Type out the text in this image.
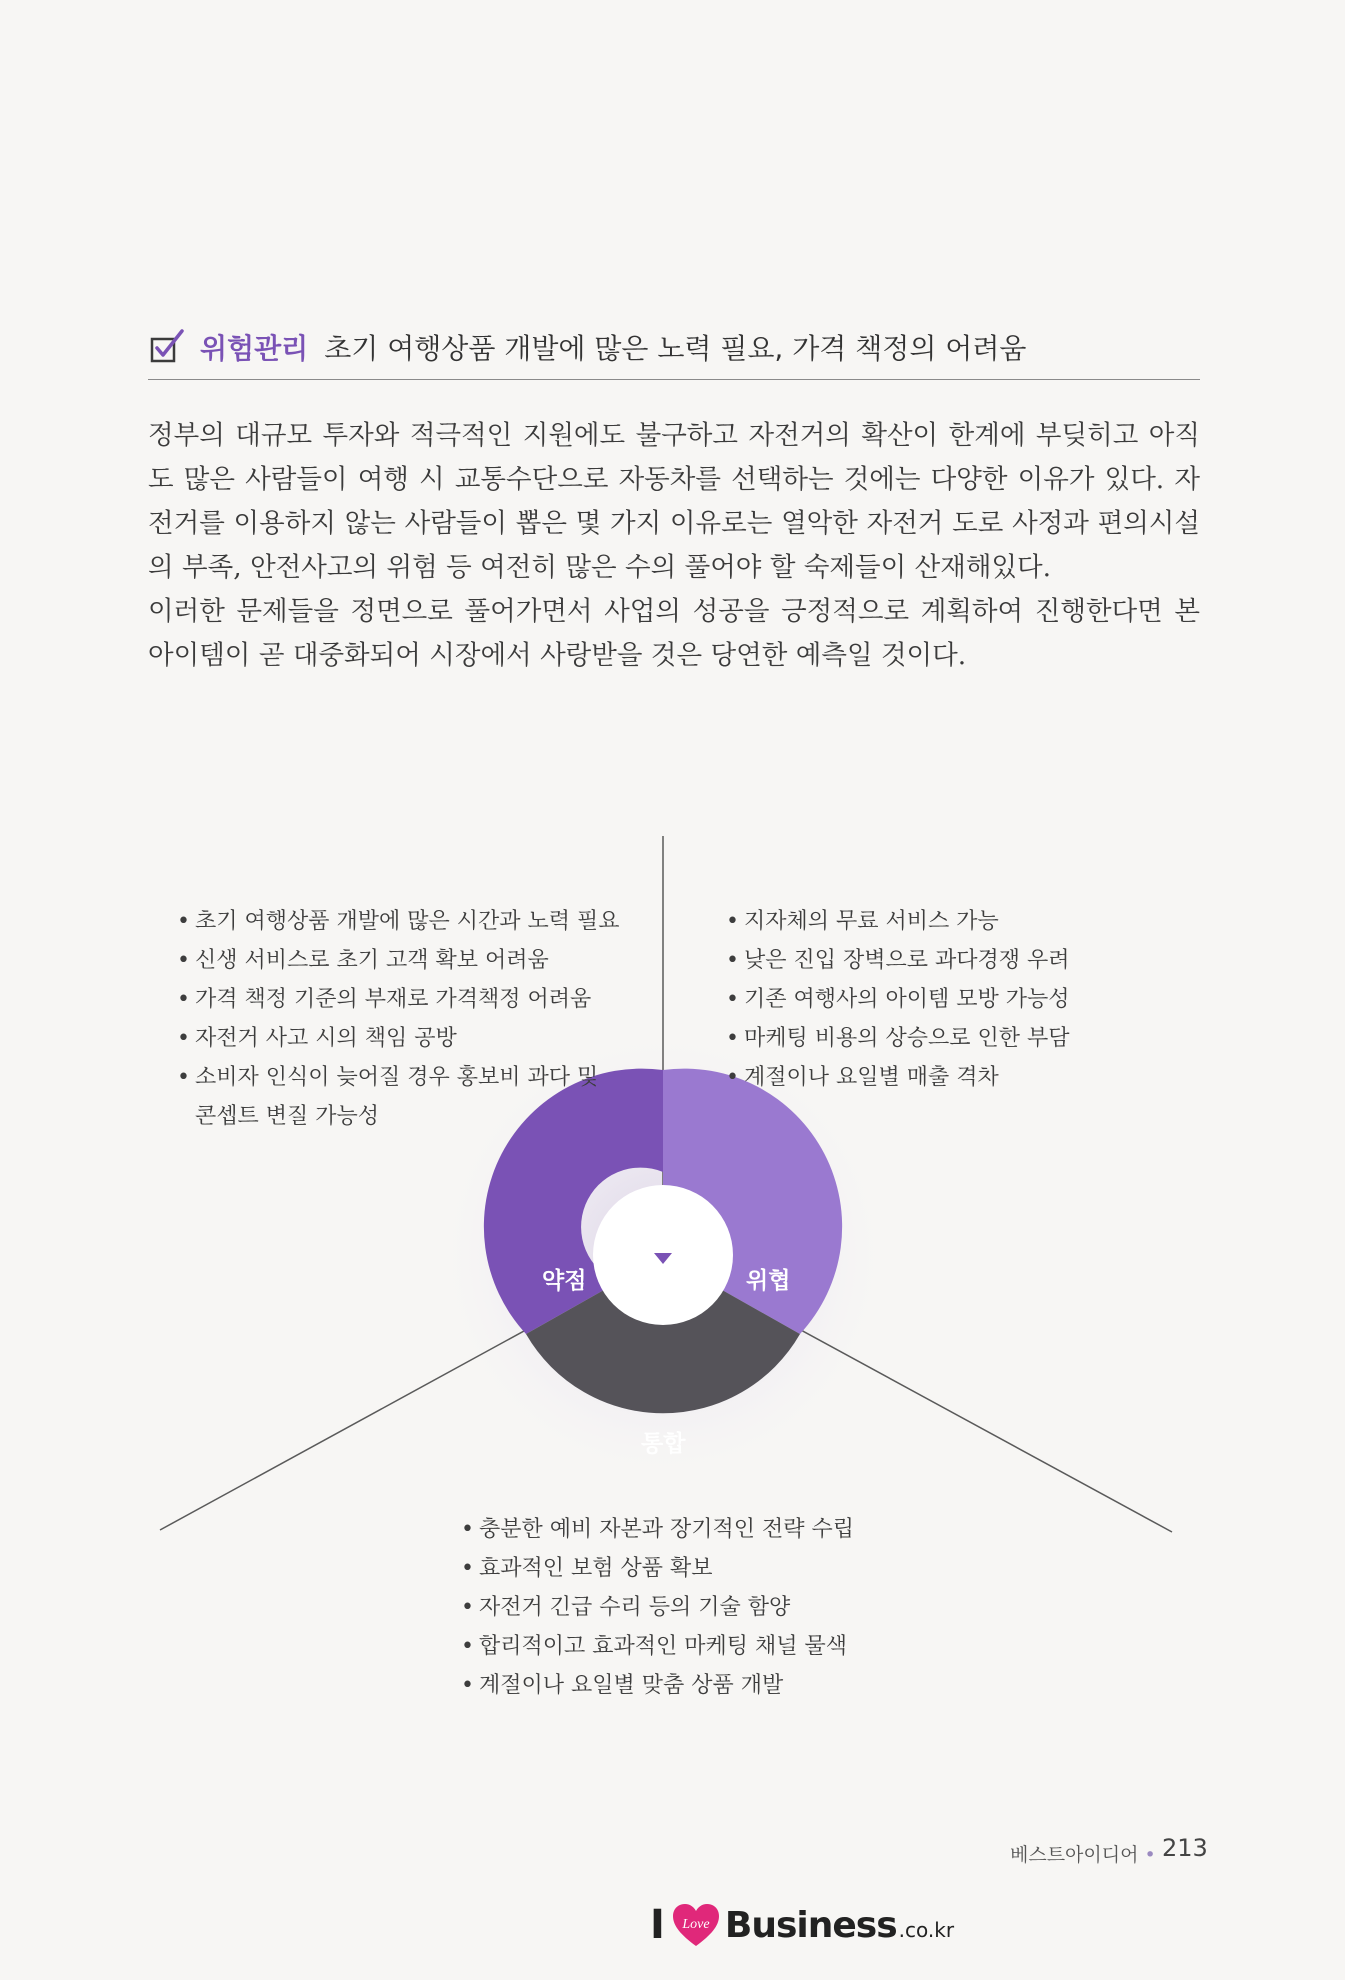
위험관리 초기 여행상품 개발에 많은 노력 필요, 가격 책정의 어려움

정부의 대규모 투자와 적극적인 지원에도 불구하고 자전거의 확산이 한계에 부딪히고 아직도 많은 사람들이 여행 시 교통수단으로 자동차를 선택하는 것에는 다양한 이유가 있다. 자전거를 이용하지 않는 사람들이 뽑은 몇 가지 이유로는 열악한 자전거 도로 사정과 편의시설의 부족, 안전사고의 위험 등 여전히 많은 수의 풀어야 할 숙제들이 산재해있다.

이러한 문제들을 정면으로 풀어가면서 사업의 성공을 긍정적으로 계획하여 진행한다면 본 아이템이 곧 대중화되어 시장에서 사랑받을 것은 당연한 예측일 것이다.

약점	위협
통합
• 초기 여행상품 개발에 많은 시간과 노력 필요
• 신생 서비스로 초기 고객 확보 어려움
• 가격 책정 기준의 부재로 가격책정 어려움
• 자전거 사고 시의 책임 공방
• 소비자 인식이 늦어질 경우 홍보비 과다 및
콘셉트 변질 가능성
• 지자체의 무료 서비스 가능
• 낮은 진입 장벽으로 과다경쟁 우려
• 기존 여행사의 아이템 모방 가능성
• 마케팅 비용의 상승으로 인한 부담
• 계절이나 요일별 매출 격차
• 충분한 예비 자본과 장기적인 전략 수립
• 효과적인 보험 상품 확보
• 자전거 긴급 수리 등의 기술 함양
• 합리적이고 효과적인 마케팅 채널 물색
• 계절이나 요일별 맞춤 상품 개발
베스트아이디어 • 213
I Love Business .co.kr
